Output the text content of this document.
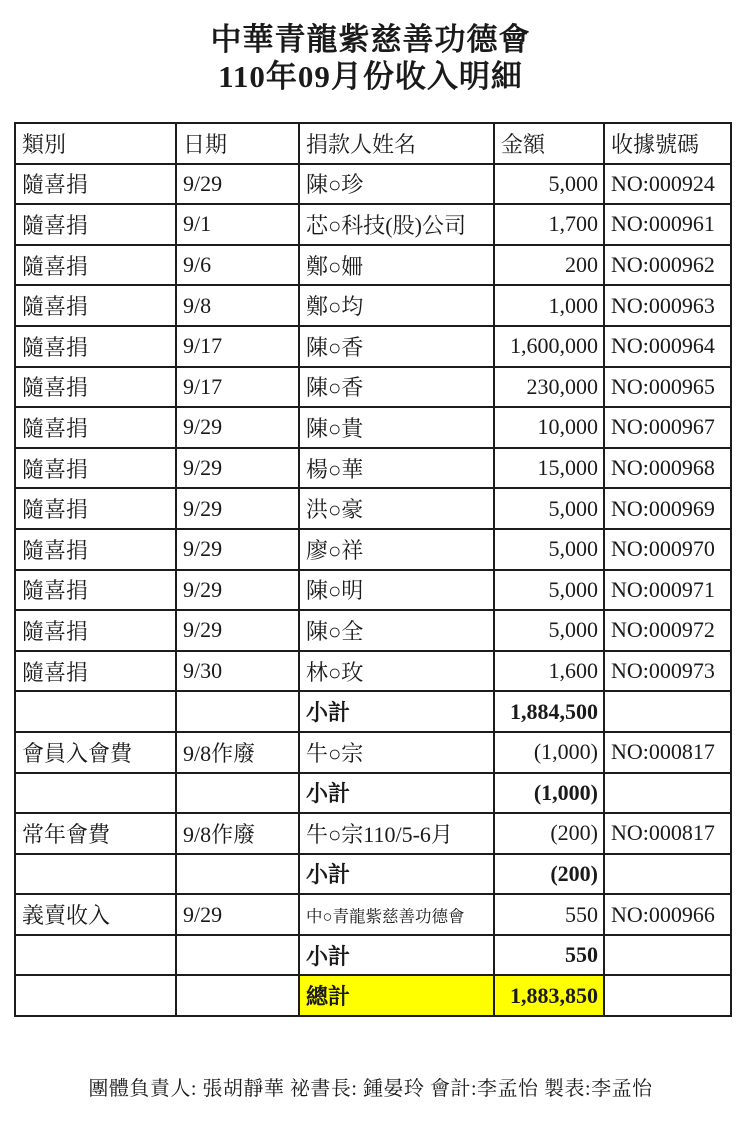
中華青龍紫慈善功德會
110年09月份收入明細
類別	日期	捐款人姓名	金額	收據號碼
隨喜捐	9/29	陳○珍	5,000	NO:000924
隨喜捐	9/1	芯○科技(股)公司	1,700	NO:000961
隨喜捐	9/6	鄭○姍	200	NO:000962
隨喜捐	9/8	鄭○均	1,000	NO:000963
隨喜捐	9/17	陳○香	1,600,000	NO:000964
隨喜捐	9/17	陳○香	230,000	NO:000965
隨喜捐	9/29	陳○貴	10,000	NO:000967
隨喜捐	9/29	楊○華	15,000	NO:000968
隨喜捐	9/29	洪○豪	5,000	NO:000969
隨喜捐	9/29	廖○祥	5,000	NO:000970
隨喜捐	9/29	陳○明	5,000	NO:000971
隨喜捐	9/29	陳○全	5,000	NO:000972
隨喜捐	9/30	林○玫	1,600	NO:000973
		小計	1,884,500	
會員入會費	9/8作廢	牛○宗	(1,000)	NO:000817
		小計	(1,000)	
常年會費	9/8作廢	牛○宗110/5-6月	(200)	NO:000817
		小計	(200)	
義賣收入	9/29	中○青龍紫慈善功德會	550	NO:000966
		小計	550	
		總計	1,883,850	
團體負責人: 張胡靜華 祕書長: 鍾晏玲 會計:李孟怡 製表:李孟怡
